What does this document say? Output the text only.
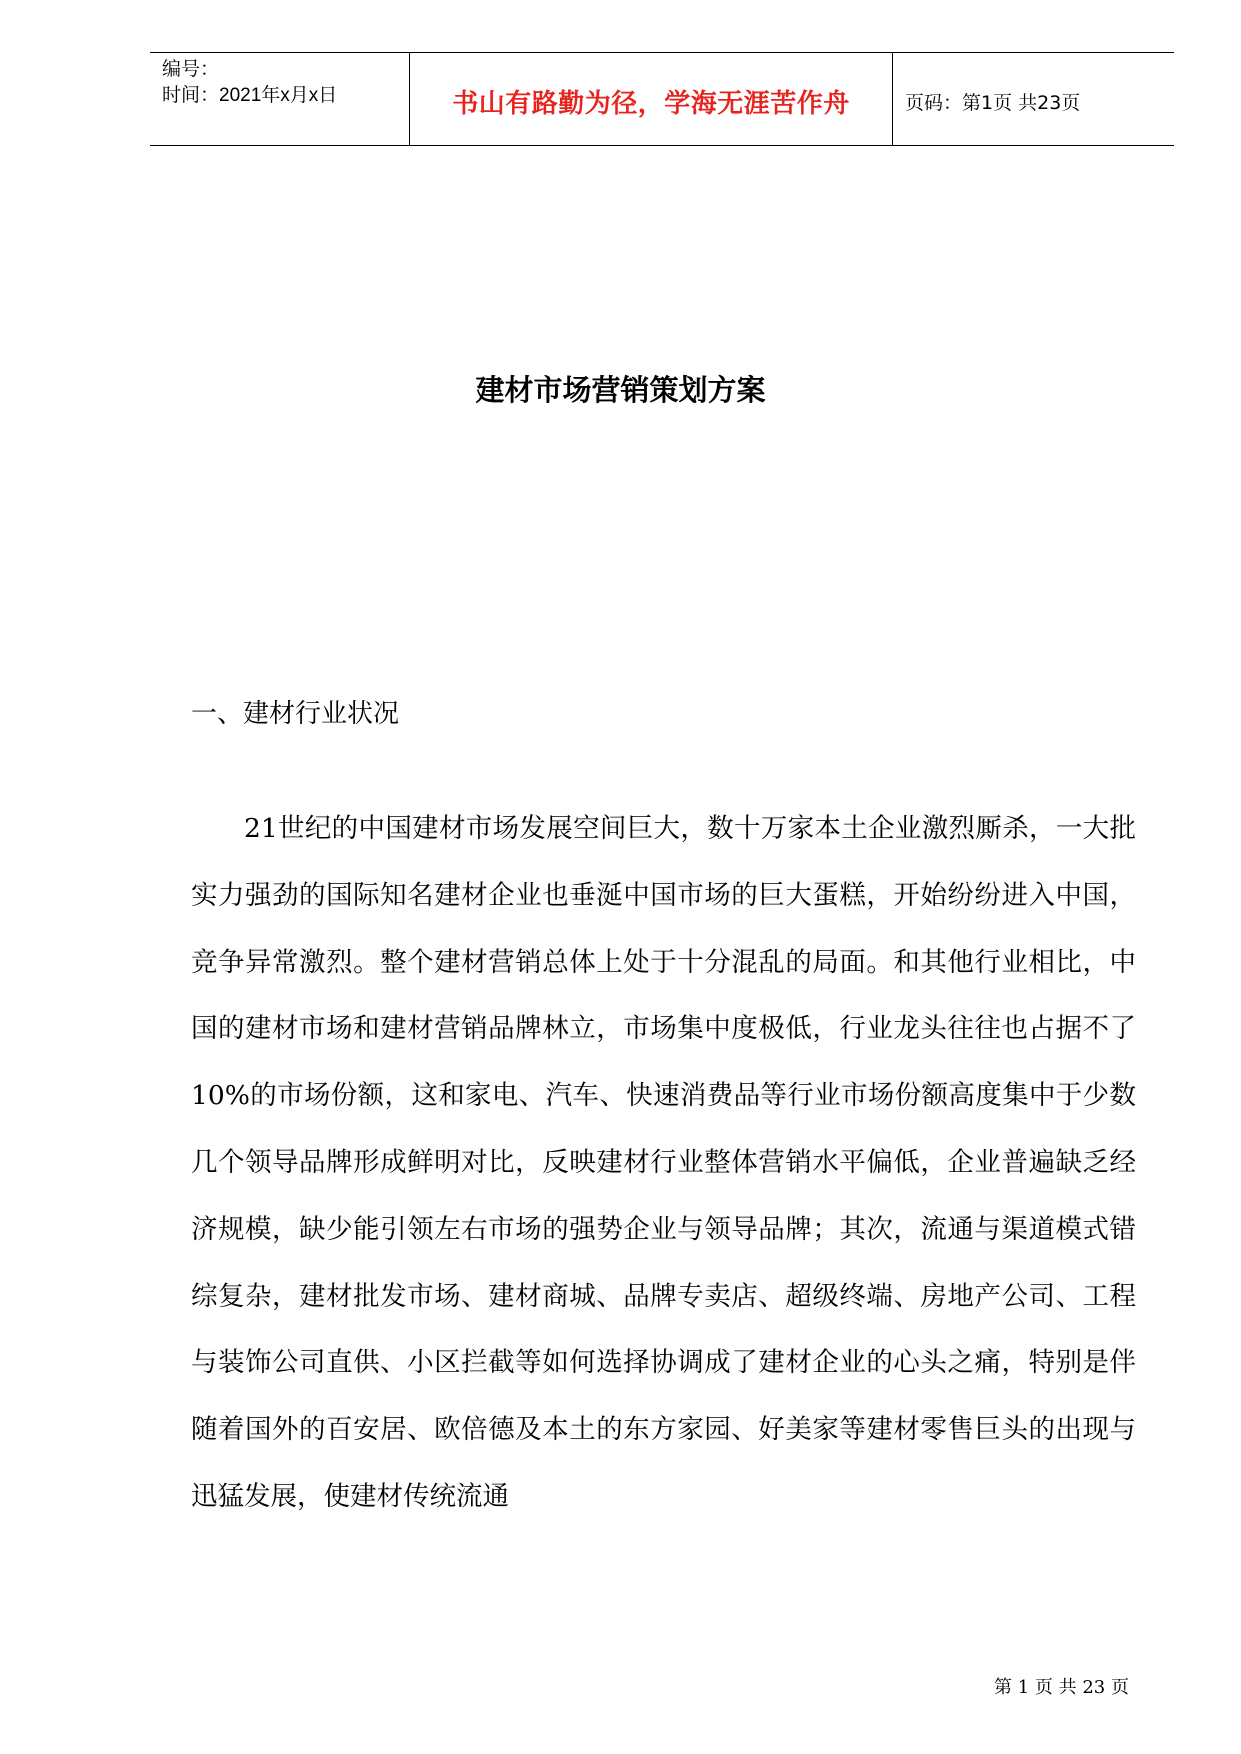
编号：
时间：2021年x月x日	书山有路勤为径，学海无涯苦作舟	页码：第1页 共23页
建材市场营销策划方案
一、建材行业状况

21世纪的中国建材市场发展空间巨大，数十万家本土企业激烈厮杀，一大批实力强劲的国际知名建材企业也垂涎中国市场的巨大蛋糕，开始纷纷进入中国，竞争异常激烈。整个建材营销总体上处于十分混乱的局面。和其他行业相比，中国的建材市场和建材营销品牌林立，市场集中度极低，行业龙头往往也占据不了10%的市场份额，这和家电、汽车、快速消费品等行业市场份额高度集中于少数几个领导品牌形成鲜明对比，反映建材行业整体营销水平偏低，企业普遍缺乏经济规模，缺少能引领左右市场的强势企业与领导品牌；其次，流通与渠道模式错综复杂，建材批发市场、建材商城、品牌专卖店、超级终端、房地产公司、工程与装饰公司直供、小区拦截等如何选择协调成了建材企业的心头之痛，特别是伴随着国外的百安居、欧倍德及本土的东方家园、好美家等建材零售巨头的出现与迅猛发展，使建材传统流通

第 1 页 共 23 页
